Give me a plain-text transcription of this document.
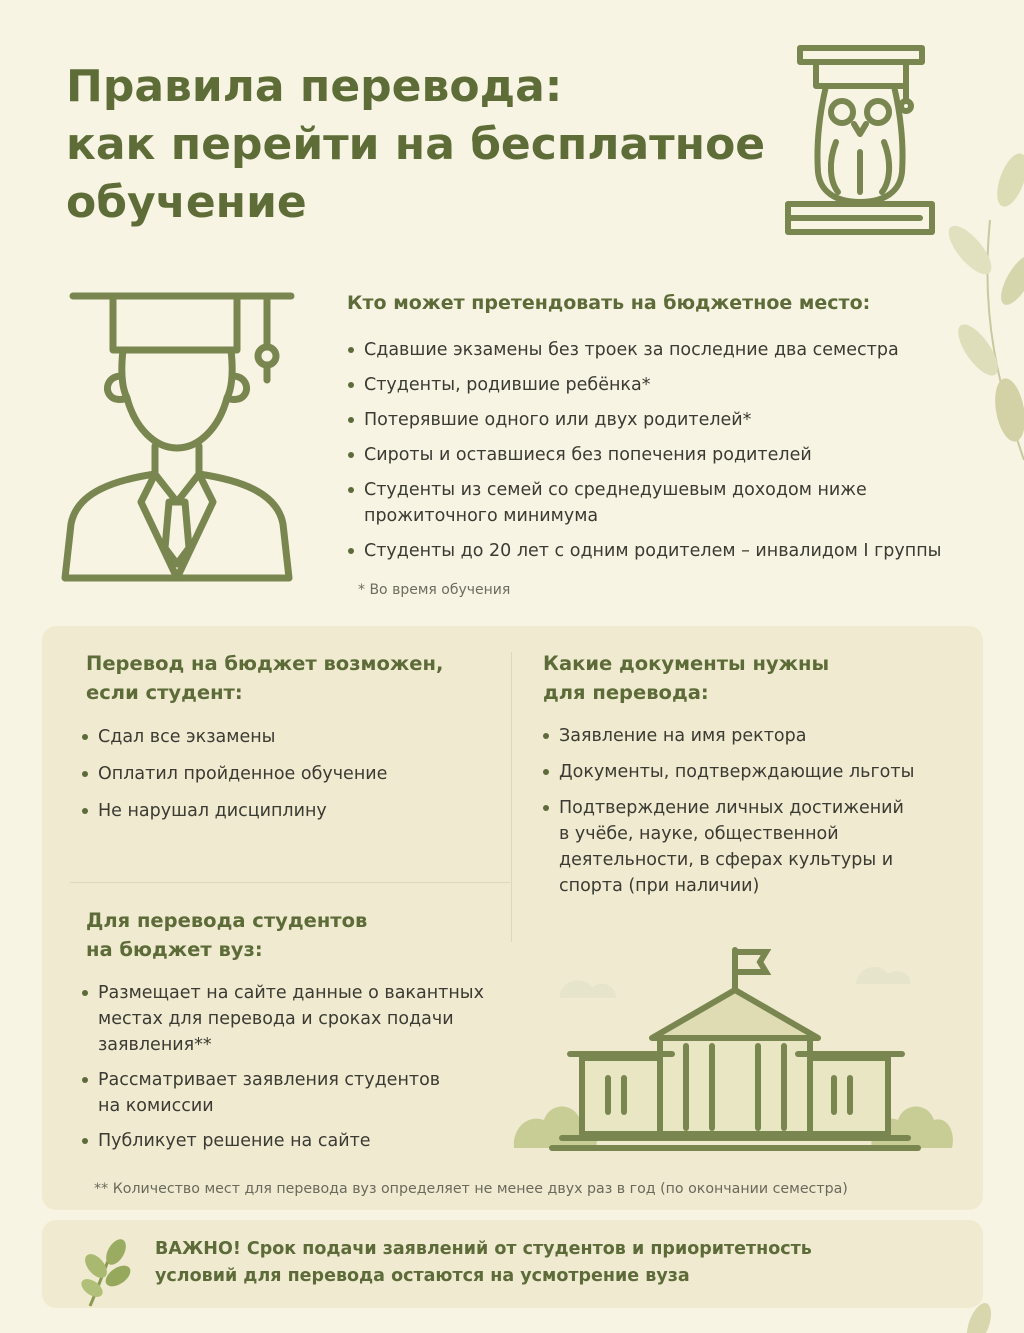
Правила перевода:
как перейти на бесплатное
обучение
Кто может претендовать на бюджетное место:
Сдавшие экзамены без троек за последние два семестра
Студенты, родившие ребёнка*
Потерявшие одного или двух родителей*
Сироты и оставшиеся без попечения родителей
Студенты из семей со среднедушевым доходом ниже прожиточного минимума
Студенты до 20 лет с одним родителем – инвалидом I группы
* Во время обучения
Перевод на бюджет возможен, если студент:
Сдал все экзамены
Оплатил пройденное обучение
Не нарушал дисциплину
Какие документы нужны для перевода:
Заявление на имя ректора
Документы, подтверждающие льготы
Подтверждение личных достижений в учёбе, науке, общественной деятельности, в сферах культуры и спорта (при наличии)
Для перевода студентов на бюджет вуз:
Размещает на сайте данные о вакантных местах для перевода и сроках подачи заявления**
Рассматривает заявления студентов на комиссии
Публикует решение на сайте
** Количество мест для перевода вуз определяет не менее двух раз в год (по окончании семестра)
ВАЖНО! Срок подачи заявлений от студентов и приоритетность
условий для перевода остаются на усмотрение вуза
